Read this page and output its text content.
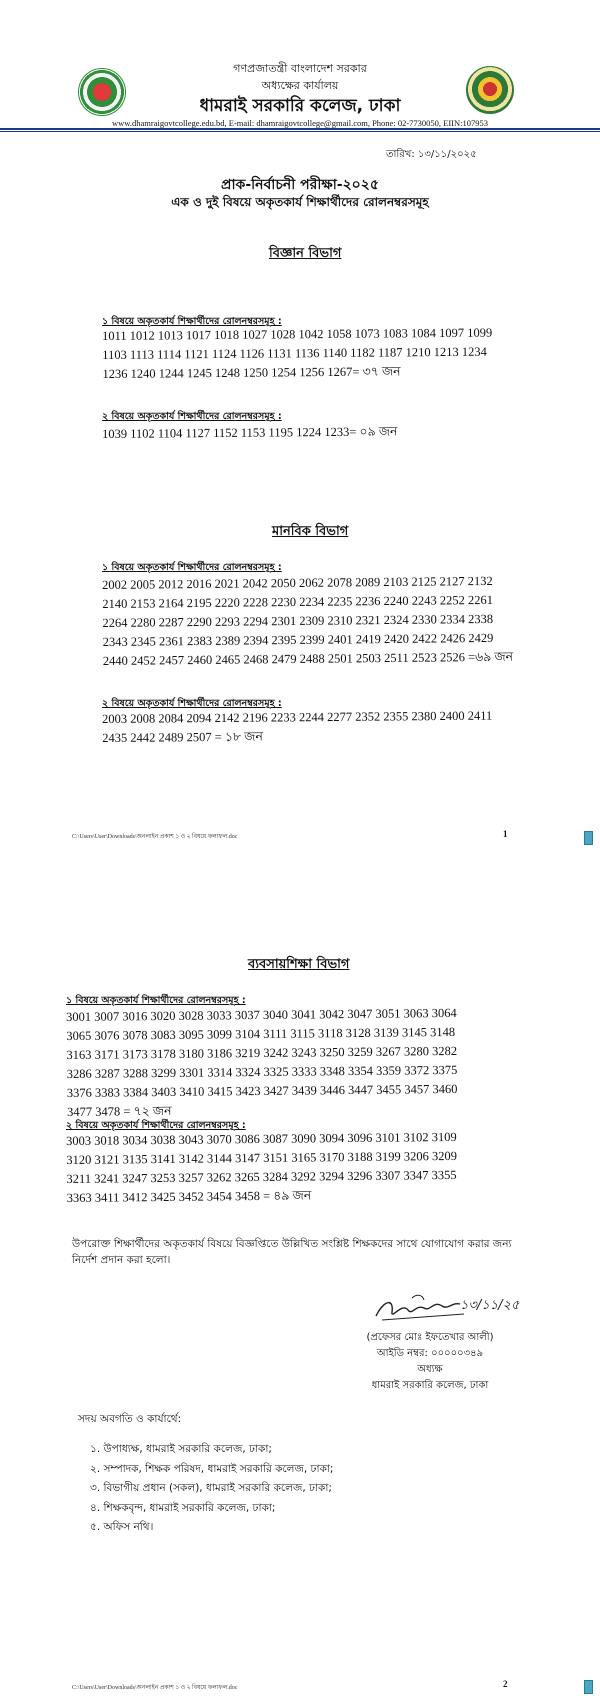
গণপ্রজাতন্ত্রী বাংলাদেশ সরকার
অধ্যক্ষের কার্যালয়
ধামরাই সরকারি কলেজ, ঢাকা
www.dhamraigovtcollege.edu.bd, E-mail: dhamraigovtcollege@gmail.com, Phone: 02-7730050, EIIN:107953
তারিখ: ১৩/১১/২০২৫
প্রাক-নির্বাচনী পরীক্ষা-২০২৫
এক ও দুই বিষয়ে অকৃতকার্য শিক্ষার্থীদের রোলনম্বরসমূহ
বিজ্ঞান বিভাগ
১ বিষয়ে অকৃতকার্য শিক্ষার্থীদের রোলনম্বরসমূহ :
1011 1012 1013 1017 1018 1027 1028 1042 1058 1073 1083 1084 1097 1099
1103 1113 1114 1121 1124 1126 1131 1136 1140 1182 1187 1210 1213 1234
1236 1240 1244 1245 1248 1250 1254 1256 1267= ৩৭ জন
২ বিষয়ে অকৃতকার্য শিক্ষার্থীদের রোলনম্বরসমূহ :
1039 1102 1104 1127 1152 1153 1195 1224 1233= ০৯ জন
মানবিক বিভাগ
১ বিষয়ে অকৃতকার্য শিক্ষার্থীদের রোলনম্বরসমূহ :
2002 2005 2012 2016 2021 2042 2050 2062 2078 2089 2103 2125 2127 2132
2140 2153 2164 2195 2220 2228 2230 2234 2235 2236 2240 2243 2252 2261
2264 2280 2287 2290 2293 2294 2301 2309 2310 2321 2324 2330 2334 2338
2343 2345 2361 2383 2389 2394 2395 2399 2401 2419 2420 2422 2426 2429
2440 2452 2457 2460 2465 2468 2479 2488 2501 2503 2511 2523 2526 =৬৯ জন
২ বিষয়ে অকৃতকার্য শিক্ষার্থীদের রোলনম্বরসমূহ :
2003 2008 2084 2094 2142 2196 2233 2244 2277 2352 2355 2380 2400 2411
2435 2442 2489 2507 = ১৮ জন
C:\Users\User\Downloads\অনলাইন প্রকাশ ১ ও ২ বিষয়ে ফলাফল.doc	1
ব্যবসায়শিক্ষা বিভাগ
১ বিষয়ে অকৃতকার্য শিক্ষার্থীদের রোলনম্বরসমূহ :
3001 3007 3016 3020 3028 3033 3037 3040 3041 3042 3047 3051 3063 3064
3065 3076 3078 3083 3095 3099 3104 3111 3115 3118 3128 3139 3145 3148
3163 3171 3173 3178 3180 3186 3219 3242 3243 3250 3259 3267 3280 3282
3286 3287 3288 3299 3301 3314 3324 3325 3333 3348 3354 3359 3372 3375
3376 3383 3384 3403 3410 3415 3423 3427 3439 3446 3447 3455 3457 3460
3477 3478 = ৭২ জন
২ বিষয়ে অকৃতকার্য শিক্ষার্থীদের রোলনম্বরসমূহ :
3003 3018 3034 3038 3043 3070 3086 3087 3090 3094 3096 3101 3102 3109
3120 3121 3135 3141 3142 3144 3147 3151 3165 3170 3188 3199 3206 3209
3211 3241 3247 3253 3257 3262 3265 3284 3292 3294 3296 3307 3347 3355
3363 3411 3412 3425 3452 3454 3458 = ৪৯ জন
উপরোক্ত শিক্ষার্থীদের অকৃতকার্য বিষয়ে বিজ্ঞপ্তিতে উল্লিখিত সংশ্লিষ্ট শিক্ষকদের সাথে যোগাযোগ করার জন্য নির্দেশ প্রদান করা হলো।
১৩/১১/২৫
(প্রফেসর মোঃ ইফতেখার আলী)
আইডি নম্বর: ০০০০০৩৪৯
অধ্যক্ষ
ধামরাই সরকারি কলেজ, ঢাকা
সদয় অবগতি ও কার্যার্থে:
১. উপাধ্যক্ষ, ধামরাই সরকারি কলেজ, ঢাকা;
২. সম্পাদক, শিক্ষক পরিষদ, ধামরাই সরকারি কলেজ, ঢাকা;
৩. বিভাগীয় প্রধান (সকল), ধামরাই সরকারি কলেজ, ঢাকা;
৪. শিক্ষকবৃন্দ, ধামরাই সরকারি কলেজ, ঢাকা;
৫. অফিস নথি।
C:\Users\User\Downloads\অনলাইন প্রকাশ ১ ও ২ বিষয়ে ফলাফল.doc	2
